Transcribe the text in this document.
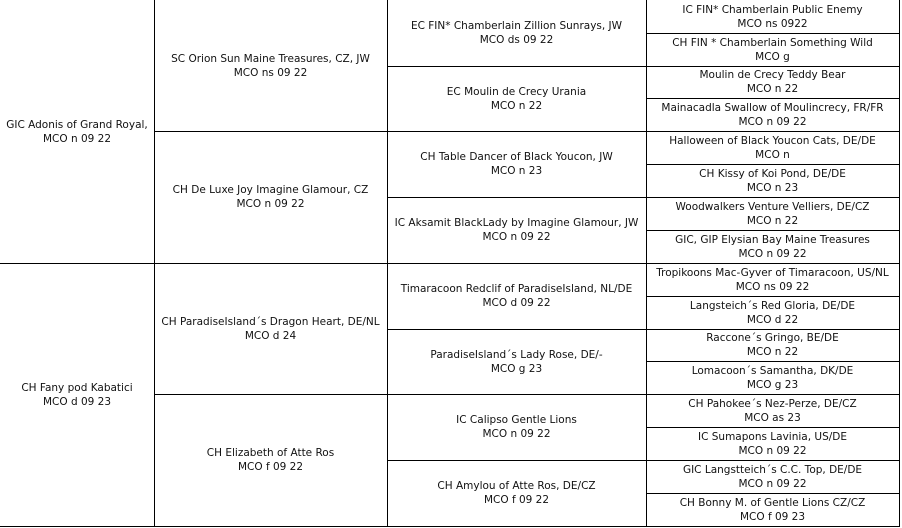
GIC Adonis of Grand Royal,
MCO n 09 22
CH Fany pod Kabatici
MCO d 09 23
SC Orion Sun Maine Treasures, CZ, JW
MCO ns 09 22
CH De Luxe Joy Imagine Glamour, CZ
MCO n 09 22
CH ParadiseIsland´s Dragon Heart, DE/NL
MCO d 24
CH Elizabeth of Atte Ros
MCO f 09 22
EC FIN* Chamberlain Zillion Sunrays, JW
MCO ds 09 22
EC Moulin de Crecy Urania
MCO n 22
CH Table Dancer of Black Youcon, JW
MCO n 23
IC Aksamit BlackLady by Imagine Glamour, JW
MCO n 09 22
Timaracoon Redclif of ParadiseIsland, NL/DE
MCO d 09 22
ParadiseIsland´s Lady Rose, DE/-
MCO g 23
IC Calipso Gentle Lions
MCO n 09 22
CH Amylou of Atte Ros, DE/CZ
MCO f 09 22
IC FIN* Chamberlain Public Enemy
MCO ns 0922
CH FIN * Chamberlain Something Wild
MCO g
Moulin de Crecy Teddy Bear
MCO n 22
Mainacadla Swallow of Moulincrecy, FR/FR
MCO n 09 22
Halloween of Black Youcon Cats, DE/DE
MCO n
CH Kissy of Koi Pond, DE/DE
MCO n 23
Woodwalkers Venture Velliers, DE/CZ
MCO n 22
GIC, GIP Elysian Bay Maine Treasures
MCO n 09 22
Tropikoons Mac-Gyver of Timaracoon, US/NL
MCO ns 09 22
Langsteich´s Red Gloria, DE/DE
MCO d 22
Raccone´s Gringo, BE/DE
MCO n 22
Lomacoon´s Samantha, DK/DE
MCO g 23
CH Pahokee´s Nez-Perze, DE/CZ
MCO as 23
IC Sumapons Lavinia, US/DE
MCO n 09 22
GIC Langstteich´s C.C. Top, DE/DE
MCO n 09 22
CH Bonny M. of Gentle Lions CZ/CZ
MCO f 09 23
